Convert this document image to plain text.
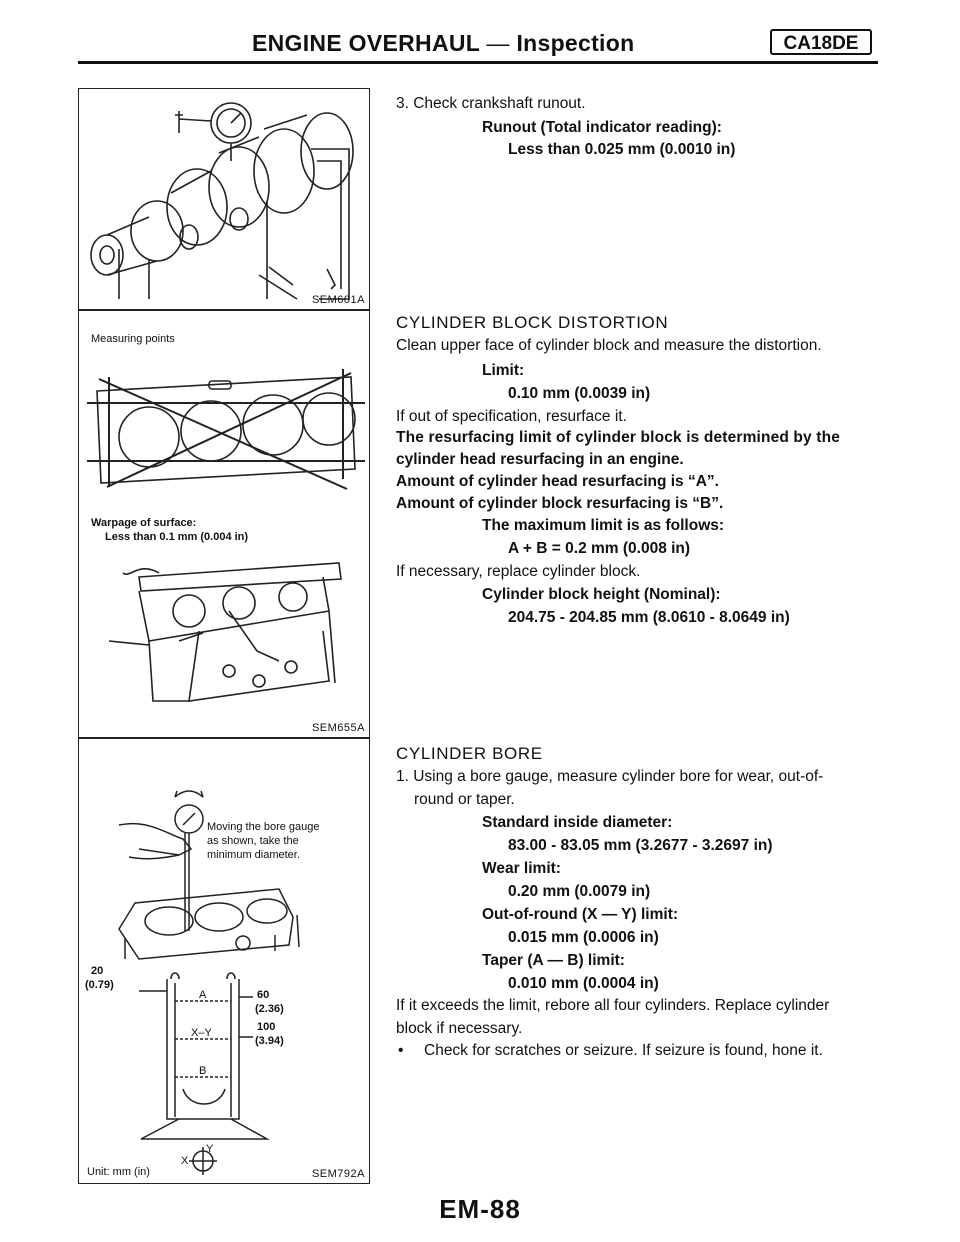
ENGINE OVERHAUL — Inspection	CA18DE
SEM601A
Measuring points
Warpage of surface:
Less than 0.1 mm (0.004 in)
SEM655A
Moving the bore gauge
as shown, take the
minimum diameter.
20
(0.79)
60
(2.36)
100
(3.94)
A
X–Y
B
X
Y
Unit: mm (in)	SEM792A
3. Check crankshaft runout.
Runout (Total indicator reading):
Less than 0.025 mm (0.0010 in)
CYLINDER BLOCK DISTORTION
Clean upper face of cylinder block and measure the distortion.
Limit:
0.10 mm (0.0039 in)
If out of specification, resurface it.
The resurfacing limit of cylinder block is determined by the
cylinder head resurfacing in an engine.
Amount of cylinder head resurfacing is “A”.
Amount of cylinder block resurfacing is “B”.
The maximum limit is as follows:
A + B = 0.2 mm (0.008 in)
If necessary, replace cylinder block.
Cylinder block height (Nominal):
204.75 - 204.85 mm (8.0610 - 8.0649 in)
CYLINDER BORE
1. Using a bore gauge, measure cylinder bore for wear, out-of-
round or taper.
Standard inside diameter:
83.00 - 83.05 mm (3.2677 - 3.2697 in)
Wear limit:
0.20 mm (0.0079 in)
Out-of-round (X — Y) limit:
0.015 mm (0.0006 in)
Taper (A — B) limit:
0.010 mm (0.0004 in)
If it exceeds the limit, rebore all four cylinders. Replace cylinder
block if necessary.
• Check for scratches or seizure. If seizure is found, hone it.
EM-88
